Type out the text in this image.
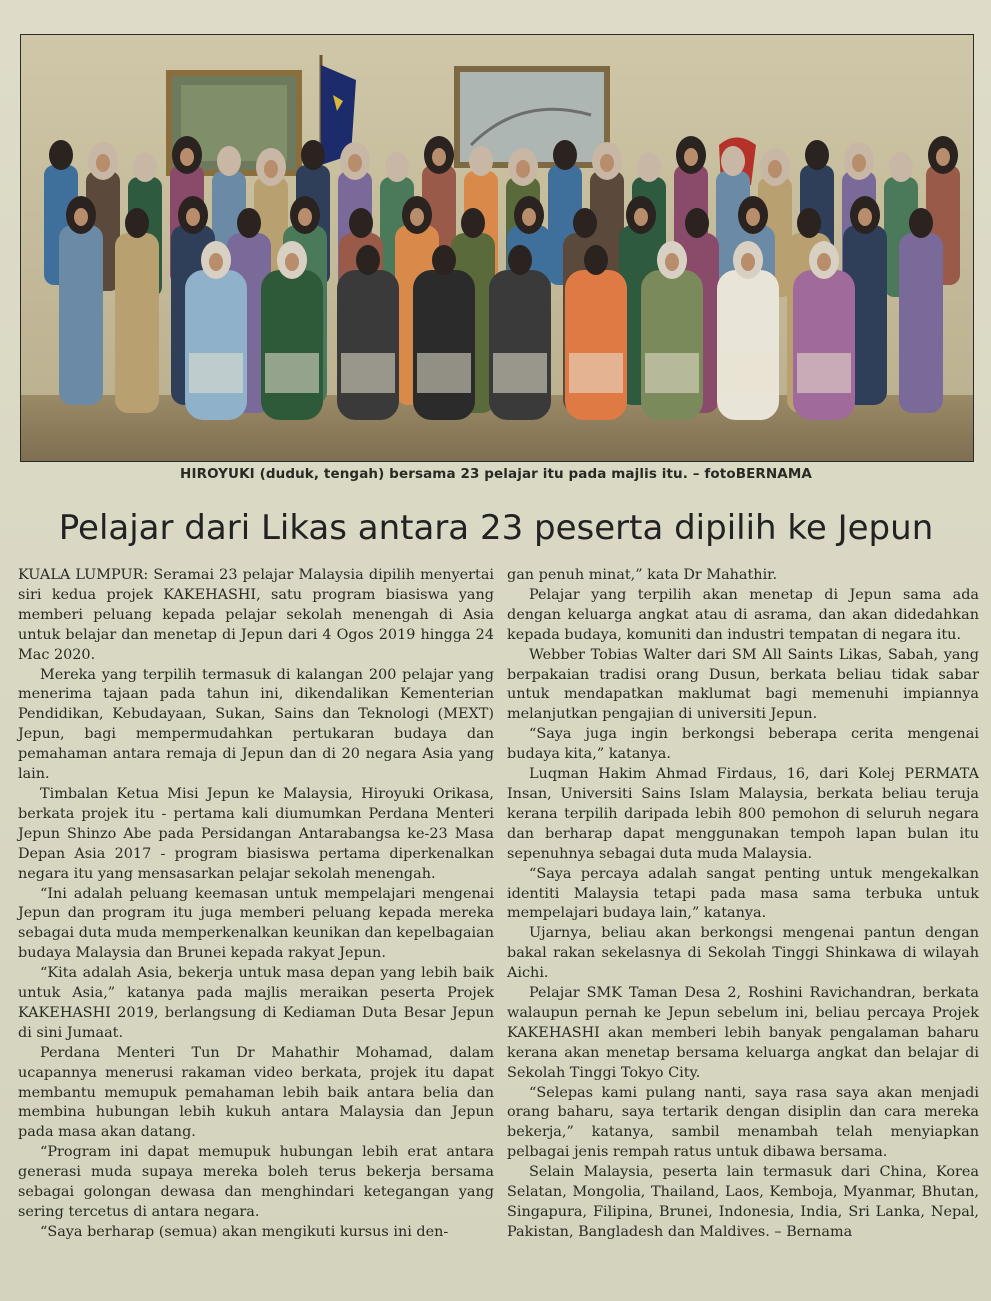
HIROYUKI (duduk, tengah) bersama 23 pelajar itu pada majlis itu. – fotoBERNAMA
Pelajar dari Likas antara 23 peserta dipilih ke Jepun

KUALA LUMPUR: Seramai 23 pelajar Malaysia dipilih menyertai siri kedua projek KAKEHASHI, satu program biasiswa yang memberi peluang kepada pelajar sekolah menengah di Asia untuk belajar dan menetap di Jepun dari 4 Ogos 2019 hingga 24 Mac 2020.

Mereka yang terpilih termasuk di kalangan 200 pelajar yang menerima tajaan pada tahun ini, dikendalikan Kementerian Pendidikan, Kebudayaan, Sukan, Sains dan Teknologi (MEXT) Jepun, bagi mempermudahkan pertukaran budaya dan pemahaman antara remaja di Jepun dan di 20 negara Asia yang lain.

Timbalan Ketua Misi Jepun ke Malaysia, Hiroyuki Orikasa, berkata projek itu - pertama kali diumumkan Perdana Menteri Jepun Shinzo Abe pada Persidangan Antarabangsa ke-23 Masa Depan Asia 2017 - program biasiswa pertama diperkenalkan negara itu yang mensasarkan pelajar sekolah menengah.

“Ini adalah peluang keemasan untuk mempelajari mengenai Jepun dan program itu juga memberi peluang kepada mereka sebagai duta muda memperkenalkan keunikan dan kepelbagaian budaya Malaysia dan Brunei kepada rakyat Jepun.

“Kita adalah Asia, bekerja untuk masa depan yang lebih baik untuk Asia,” katanya pada majlis meraikan peserta Projek KAKEHASHI 2019, berlangsung di Kediaman Duta Besar Jepun di sini Jumaat.

Perdana Menteri Tun Dr Mahathir Mohamad, dalam ucapannya menerusi rakaman video berkata, projek itu dapat membantu memupuk pemahaman lebih baik antara belia dan membina hubungan lebih kukuh antara Malaysia dan Jepun pada masa akan datang.

“Program ini dapat memupuk hubungan lebih erat antara generasi muda supaya mereka boleh terus bekerja bersama sebagai golongan dewasa dan menghindari ketegangan yang sering tercetus di antara negara.

“Saya berharap (semua) akan mengikuti kursus ini den-

gan penuh minat,” kata Dr Mahathir.

Pelajar yang terpilih akan menetap di Jepun sama ada dengan keluarga angkat atau di asrama, dan akan didedahkan kepada budaya, komuniti dan industri tempatan di negara itu.

Webber Tobias Walter dari SM All Saints Likas, Sabah, yang berpakaian tradisi orang Dusun, berkata beliau tidak sabar untuk mendapatkan maklumat bagi memenuhi impiannya melanjutkan pengajian di universiti Jepun.

“Saya juga ingin berkongsi beberapa cerita mengenai budaya kita,” katanya.

Luqman Hakim Ahmad Firdaus, 16, dari Kolej PERMATA Insan, Universiti Sains Islam Malaysia, berkata beliau teruja kerana terpilih daripada lebih 800 pemohon di seluruh negara dan berharap dapat menggunakan tempoh lapan bulan itu sepenuhnya sebagai duta muda Malaysia.

“Saya percaya adalah sangat penting untuk mengekalkan identiti Malaysia tetapi pada masa sama terbuka untuk mempelajari budaya lain,” katanya.

Ujarnya, beliau akan berkongsi mengenai pantun dengan bakal rakan sekelasnya di Sekolah Tinggi Shinkawa di wilayah Aichi.

Pelajar SMK Taman Desa 2, Roshini Ravichandran, berkata walaupun pernah ke Jepun sebelum ini, beliau percaya Projek KAKEHASHI akan memberi lebih banyak pengalaman baharu kerana akan menetap bersama keluarga angkat dan belajar di Sekolah Tinggi Tokyo City.

“Selepas kami pulang nanti, saya rasa saya akan menjadi orang baharu, saya tertarik dengan disiplin dan cara mereka bekerja,” katanya, sambil menambah telah menyiapkan pelbagai jenis rempah ratus untuk dibawa bersama.

Selain Malaysia, peserta lain termasuk dari China, Korea Selatan, Mongolia, Thailand, Laos, Kemboja, Myanmar, Bhutan, Singapura, Filipina, Brunei, Indonesia, India, Sri Lanka, Nepal, Pakistan, Bangladesh dan Maldives. – Bernama
